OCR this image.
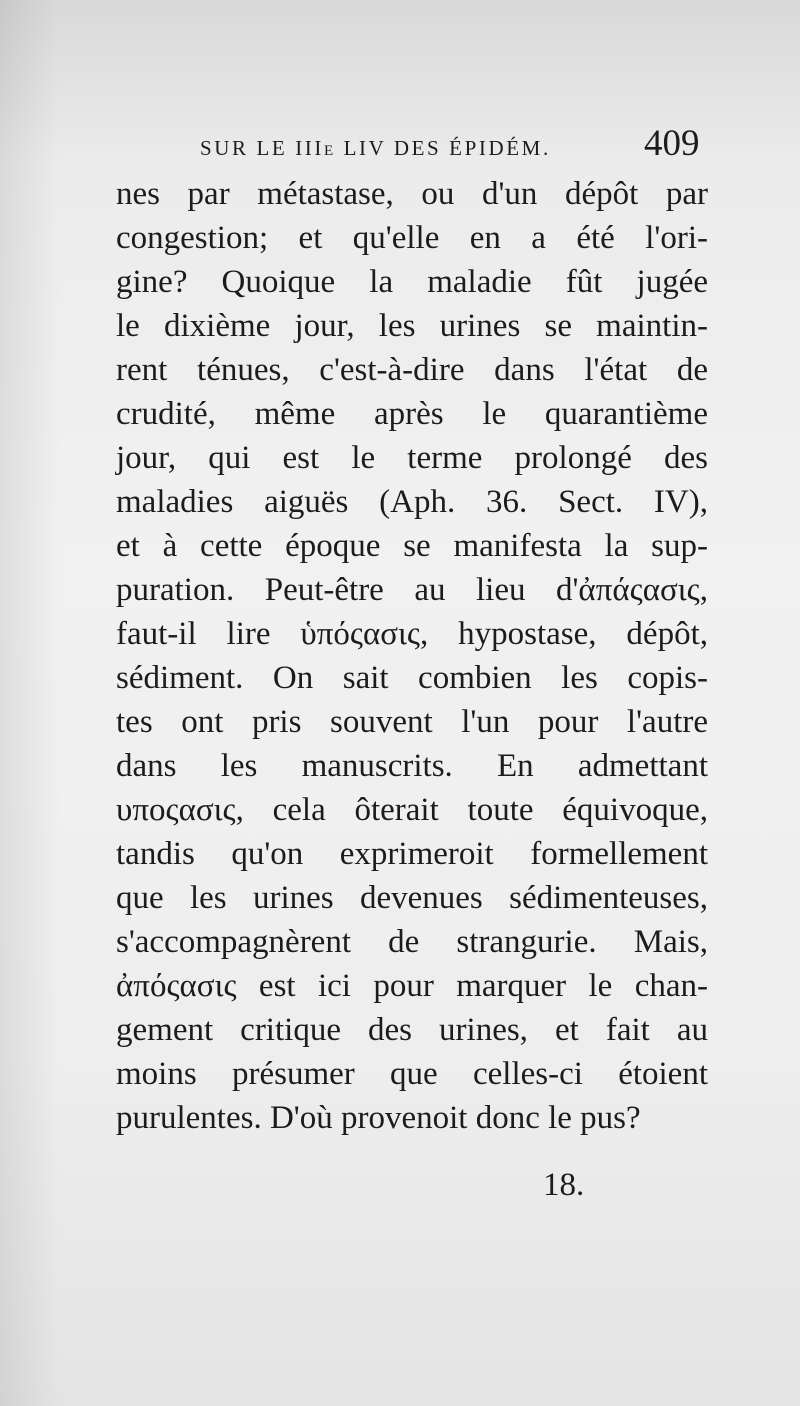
SUR LE IIIe LIV DES ÉPIDÉM.	409
nes par métastase, ou d'un dépôt par
congestion; et qu'elle en a été l'ori-
gine? Quoique la maladie fût jugée
le dixième jour, les urines se maintin-
rent ténues, c'est-à-dire dans l'état de
crudité, même après le quarantième
jour, qui est le terme prolongé des
maladies aiguës (Aph. 36. Sect. IV),
et à cette époque se manifesta la sup-
puration. Peut-être au lieu d'ἀπάςασις,
faut-il lire ὑπόςασις, hypostase, dépôt,
sédiment. On sait combien les copis-
tes ont pris souvent l'un pour l'autre
dans les manuscrits. En admettant
υποςασις, cela ôterait toute équivoque,
tandis qu'on exprimeroit formellement
que les urines devenues sédimenteuses,
s'accompagnèrent de strangurie. Mais,
ἀπόςασις est ici pour marquer le chan-
gement critique des urines, et fait au
moins présumer que celles-ci étoient
purulentes. D'où provenoit donc le pus?
18.
